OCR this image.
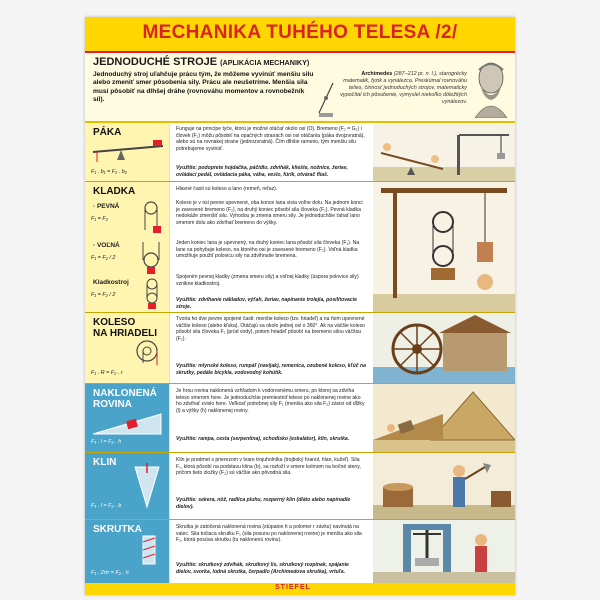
MECHANIKA TUHÉHO TELESA /2/
JEDNODUCHÉ STROJE (APLIKÁCIA MECHANIKY)
Jednoduchý stroj uľahčuje prácu tým, že môžeme vyvinúť menšiu silu alebo zmeniť smer pôsobenia sily. Prácu ale neušetríme. Menšia sila musí pôsobiť na dlhšej dráhe (rovnováhu momentov a rovnobežník síl).
Archimedes (287–212 pr. n. l.), starogrécky matematik, fyzik a vynálezca. Preskúmal rovnováhu telies, činnosť jednoduchých strojov, matematicky vypočítal ich pôsobenie, vymyslel niekoľko dôležitých vynálezov.
PÁKA
F₁ . b₁ = F₂ . b₂
Funguje na princípe tyče, ktorú je možné otáčať okolo osi (O). Bremeno (F₂ = G₂) i človek (F₁) môžu pôsobiť na opačných stranách osi osi otáčania (páka dvojzvratná), alebo sú na rovnakej strane (jednozvratná). Čím dlhšie rameno, tým menšiu silu potrebujeme vyvinúť.
Využitie: podoprete hojdačka, páčidlo, zdvihák, kliešte, nožnice, žeriav, ovládací pedál, ovládacia páka, váha, veslo, fúrik, otvárač fliaš.
KLADKA
· PEVNÁ
F₁ = F₂
· VOĽNÁ
F₁ = F₂ / 2
Kladkostroj
F₁ = F₂ / 2
Hlavné časti sú koleso a lano (remeň, reťaz).
Koleso je v osi pevne upevnené, oba konce lana visia voľne dolu. Na jednom konci je zavesené bremeno (F₂), na druhý koniec pôsobí sila človeka (F₁). Pevná kladka nedokáže zmenšiť silu. Vyhodou je zmena smeru sily. Je jednoduchšie ťahať lano smerom dolu ako zdvíhať bremeno do výšky.
Jeden koniec lana je upevnený, na druhý koniec lana pôsobí sila človeka (F₁). Na lane sa pohybuje koleso, na ktorého osi je zavesené bremeno (F₂). Voľná kladka umožňuje použiť polovicu sily na zdvihnutie bremena.
Spojením pevnej kladky (zmena smeru sily) a voľnej kladky (úspora polovice sily) vznikne kladkostroj.
Využitie: zdvíhanie nákladov, výťah, žeriav, napínanie trolejía, posilňovacie stroje.
KOLESO
NA HRIADELI
F₁ . R = F₂ . r
Tvoria ho dve pevne spojené časti: menšie koleso (tzv. hriadeľ) a na ňom upevnené väčšie koleso (alebo kľuka). Otáčajú sa okolo jednej osi o 360°. Ak na väčšie koleso pôsobí sila človeka F₁ (prúd vody), potom hriadeľ pôsobí na bremeno silou väčšou (F₂).
Využitie: mlynské koleso, rumpáľ (navijak), remenica, ozubené koleso, kľúč na skrutky, pedále bicykla, vodovodný kohútik.
NAKLONENÁ
ROVINA
F₁ . l = F₂ . h
Je hrou rovina naklonená vzhľadom k vodorovnému smeru, po ktorej sa zdvíha teleso smerom hore. Je jednoduchšie premiestniť teleso po naklonenej rovine ako ho zdvíhať zvislo hore. Veľkosť potrebnej sily F₁ (menšia ako sila F₂) závisí od dĺžky (l) a výšky (h) naklonenej roviny.
Využitie: rampa, cesta (serpentína), schodisko (eskalátor), klin, skrutka.
KLIN
F₁ . l = F₂ . b
Klin je predmet s prierezom v tvare trojuholníka (trojboký hranol, hlan, kužeľ). Sila F₁, ktorá pôsobí na podstavu klina (b), sa rozloží v smere kolmom na bočné steny, pričom tieto zložky (F₂) sú väčšie ako pôvodná sila.
Využitie: sekera, nôž, radlica pluhu, rozperný klin (dláto alebo napínadle dielov).
SKRUTKA
F₁ . 2πr = F₂ . h
Skrutka je zatočená naklonená rovina (stúpanie h a polomer r závitu) navinutá na valec. Sila točiaca skrutku F₁ (sila posunu po naklonenej rovine) je menšia ako sila F₂, ktorá posúva skrutku (tu naklonenú rovinu).
Využitie: skrutkový zdvihák, skrutkový lis, skrutkový rozpínak, spájanie dielov, svorka, lodná skrutka, čerpadlo (Archimedova skrutka), vrtuľa.
STIEFEL
